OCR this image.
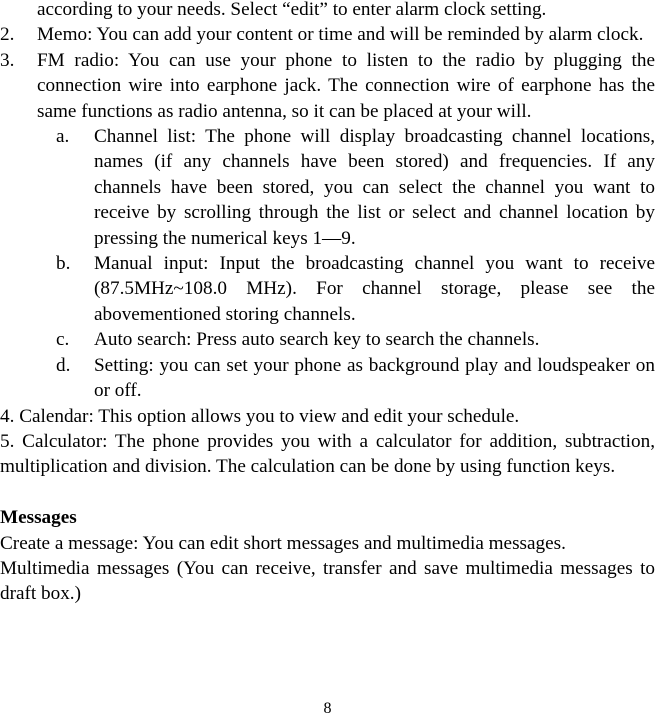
according to your needs. Select “edit” to enter alarm clock setting.

2. Memo: You can add your content or time and will be reminded by alarm clock.
3. FM radio: You can use your phone to listen to the radio by plugging the connection wire into earphone jack. The connection wire of earphone has the same functions as radio antenna, so it can be placed at your will.
a. Channel list: The phone will display broadcasting channel locations, names (if any channels have been stored) and frequencies. If any channels have been stored, you can select the channel you want to receive by scrolling through the list or select and channel location by pressing the numerical keys 1—9.
b. Manual input: Input the broadcasting channel you want to receive (87.5MHz~108.0 MHz). For channel storage, please see the abovementioned storing channels.
c. Auto search: Press auto search key to search the channels.
d. Setting: you can set your phone as background play and loudspeaker on or off.

4. Calendar: This option allows you to view and edit your schedule.

5. Calculator: The phone provides you with a calculator for addition, subtraction, multiplication and division. The calculation can be done by using function keys.

Messages

Create a message: You can edit short messages and multimedia messages.

Multimedia messages (You can receive, transfer and save multimedia messages to draft box.)

8
